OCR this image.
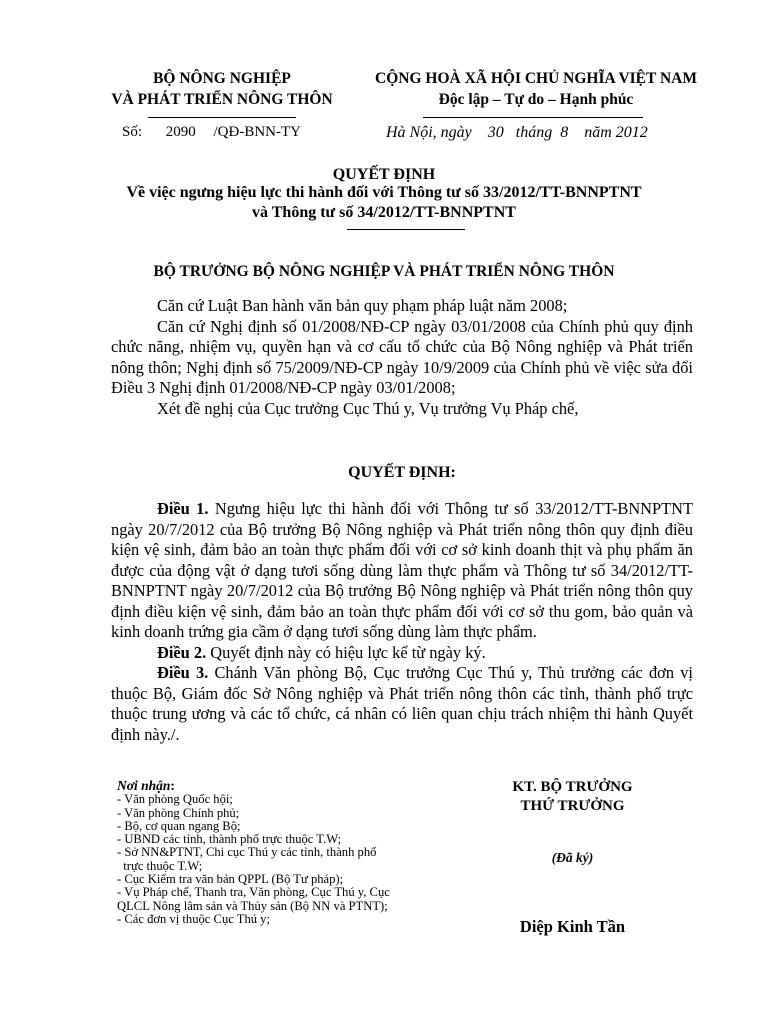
BỘ NÔNG NGHIỆP
VÀ PHÁT TRIỂN NÔNG THÔN
CỘNG HOÀ XÃ HỘI CHỦ NGHĨA VIỆT NAM
Độc lập – Tự do – Hạnh phúc
Số: 2090 /QĐ-BNN-TY	Hà Nội, ngày    30   tháng  8    năm 2012
QUYẾT ĐỊNH
Về việc ngưng hiệu lực thi hành đối với Thông tư số 33/2012/TT-BNNPTNT
và Thông tư số 34/2012/TT-BNNPTNT
BỘ TRƯỞNG BỘ NÔNG NGHIỆP VÀ PHÁT TRIỂN NÔNG THÔN

Căn cứ Luật Ban hành văn bản quy phạm pháp luật năm 2008;

Căn cứ Nghị định số 01/2008/NĐ-CP ngày 03/01/2008 của Chính phủ quy định chức năng, nhiệm vụ, quyền hạn và cơ cấu tổ chức của Bộ Nông nghiệp và Phát triển nông thôn; Nghị định số 75/2009/NĐ-CP ngày 10/9/2009 của Chính phủ về việc sửa đổi Điều 3 Nghị định 01/2008/NĐ-CP ngày 03/01/2008;

Xét đề nghị của Cục trưởng Cục Thú y, Vụ trưởng Vụ Pháp chế,

QUYẾT ĐỊNH:

Điều 1. Ngưng hiệu lực thi hành đối với Thông tư số 33/2012/TT-BNNPTNT ngày 20/7/2012 của Bộ trưởng Bộ Nông nghiệp và Phát triển nông thôn quy định điều kiện vệ sinh, đảm bảo an toàn thực phẩm đối với cơ sở kinh doanh thịt và phụ phẩm ăn được của động vật ở dạng tươi sống dùng làm thực phẩm và Thông tư số 34/2012/TT-BNNPTNT ngày 20/7/2012 của Bộ trưởng Bộ Nông nghiệp và Phát triển nông thôn quy định điều kiện vệ sinh, đảm bảo an toàn thực phẩm đối với cơ sở thu gom, bảo quản và kinh doanh trứng gia cầm ở dạng tươi sống dùng làm thực phẩm.

Điều 2. Quyết định này có hiệu lực kể từ ngày ký.

Điều 3. Chánh Văn phòng Bộ, Cục trưởng Cục Thú y, Thủ trưởng các đơn vị thuộc Bộ, Giám đốc Sở Nông nghiệp và Phát triển nông thôn các tỉnh, thành phố trực thuộc trung ương và các tổ chức, cá nhân có liên quan chịu trách nhiệm thi hành Quyết định này./.

Nơi nhận:
- Văn phòng Quốc hội;
- Văn phòng Chính phủ;
- Bộ, cơ quan ngang Bộ;
- UBND các tỉnh, thành phố trực thuộc T.W;
- Sở NN&PTNT, Chi cục Thú y các tỉnh, thành phố
trực thuộc T.W;
- Cục Kiểm tra văn bản QPPL (Bộ Tư pháp);
- Vụ Pháp chế, Thanh tra, Văn phòng, Cục Thú y, Cục
QLCL Nông lâm sản và Thủy sản (Bộ NN và PTNT);
- Các đơn vị thuộc Cục Thú y;
KT. BỘ TRƯỞNG
THỨ TRƯỞNG
(Đã ký)
Diệp Kinh Tần
